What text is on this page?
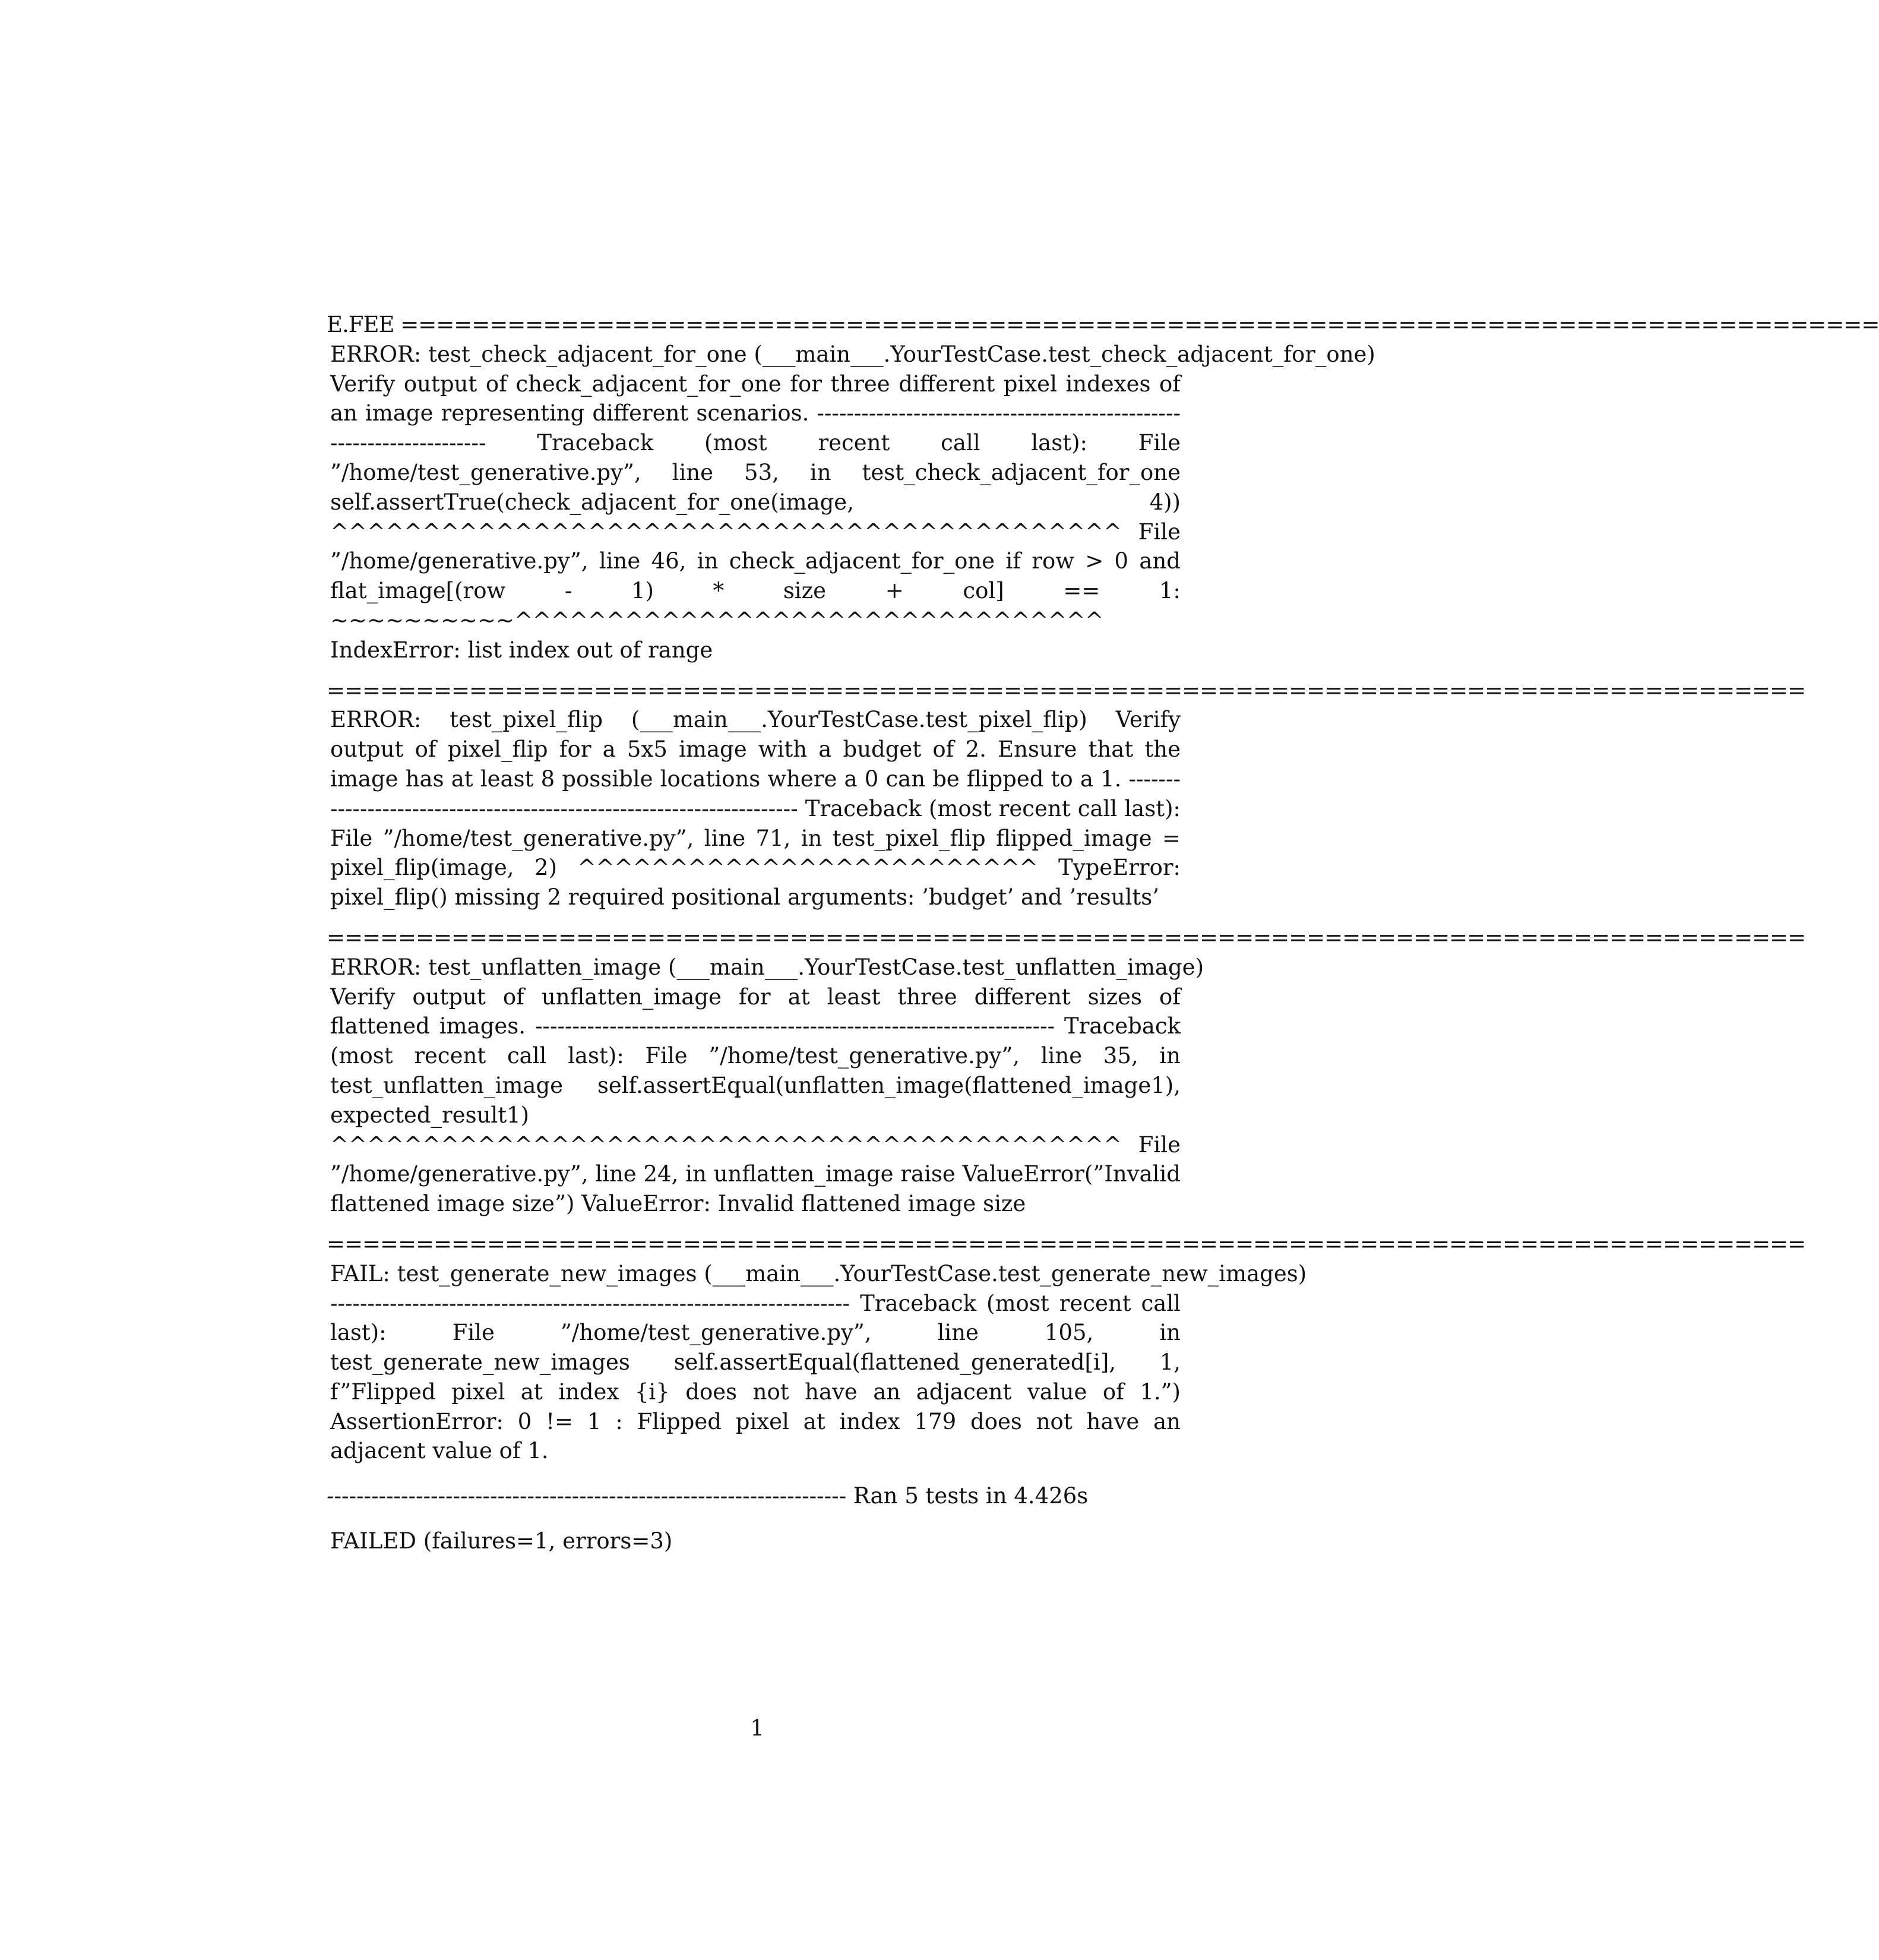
E.FEE ===================================================================================
ERROR: test_check_adjacent_for_one (___main___.YourTestCase.test_check_adjacent_for_one)

Verify output of check_adjacent_for_one for three different pixel indexes of an image representing different scenarios. ---------------------------------------------------------------------- Traceback (most recent call last): File ”/home/test_generative.py”, line 53, in test_check_adjacent_for_one self.assertTrue(check_adjacent_for_one(image, 4)) ^^^^^^^^^^^^^^^^^^^^^^^^^^^^^^^^^^^^^^^^^^^ File ”/home/generative.py”, line 46, in check_adjacent_for_one if row > 0 and flat_image[(row - 1) * size + col] == 1: ~~~~~~~~~~^^^^^^^^^^^^^^^^^^^^^^^^^^^^^^^^

IndexError: list index out of range
===================================================================================

ERROR: test_pixel_flip (___main___.YourTestCase.test_pixel_flip) Verify output of pixel_flip for a 5x5 image with a budget of 2. Ensure that the image has at least 8 possible locations where a 0 can be flipped to a 1. ---------------------------------------------------------------------- Traceback (most recent call last): File ”/home/test_generative.py”, line 71, in test_pixel_flip flipped_image = pixel_flip(image, 2) ^^^^^^^^^^^^^^^^^^^^^^^^^ TypeError: pixel_flip() missing 2 required positional arguments: ’budget’ and ’results’

===================================================================================
ERROR: test_unflatten_image (___main___.YourTestCase.test_unflatten_image)

Verify output of unflatten_image for at least three different sizes of flattened images. ---------------------------------------------------------------------- Traceback (most recent call last): File ”/home/test_generative.py”, line 35, in test_unflatten_image self.assertEqual(unflatten_image(flattened_image1), expected_result1) ^^^^^^^^^^^^^^^^^^^^^^^^^^^^^^^^^^^^^^^^^^^ File ”/home/generative.py”, line 24, in unflatten_image raise ValueError(”Invalid flattened image size”) ValueError: Invalid flattened image size

===================================================================================
FAIL: test_generate_new_images (___main___.YourTestCase.test_generate_new_images)

---------------------------------------------------------------------- Traceback (most recent call last): File ”/home/test_generative.py”, line 105, in test_generate_new_images self.assertEqual(flattened_generated[i], 1, f”Flipped pixel at index {i} does not have an adjacent value of 1.”) AssertionError: 0 != 1 : Flipped pixel at index 179 does not have an adjacent value of 1.

---------------------------------------------------------------------- Ran 5 tests in 4.426s
FAILED (failures=1, errors=3)
1
